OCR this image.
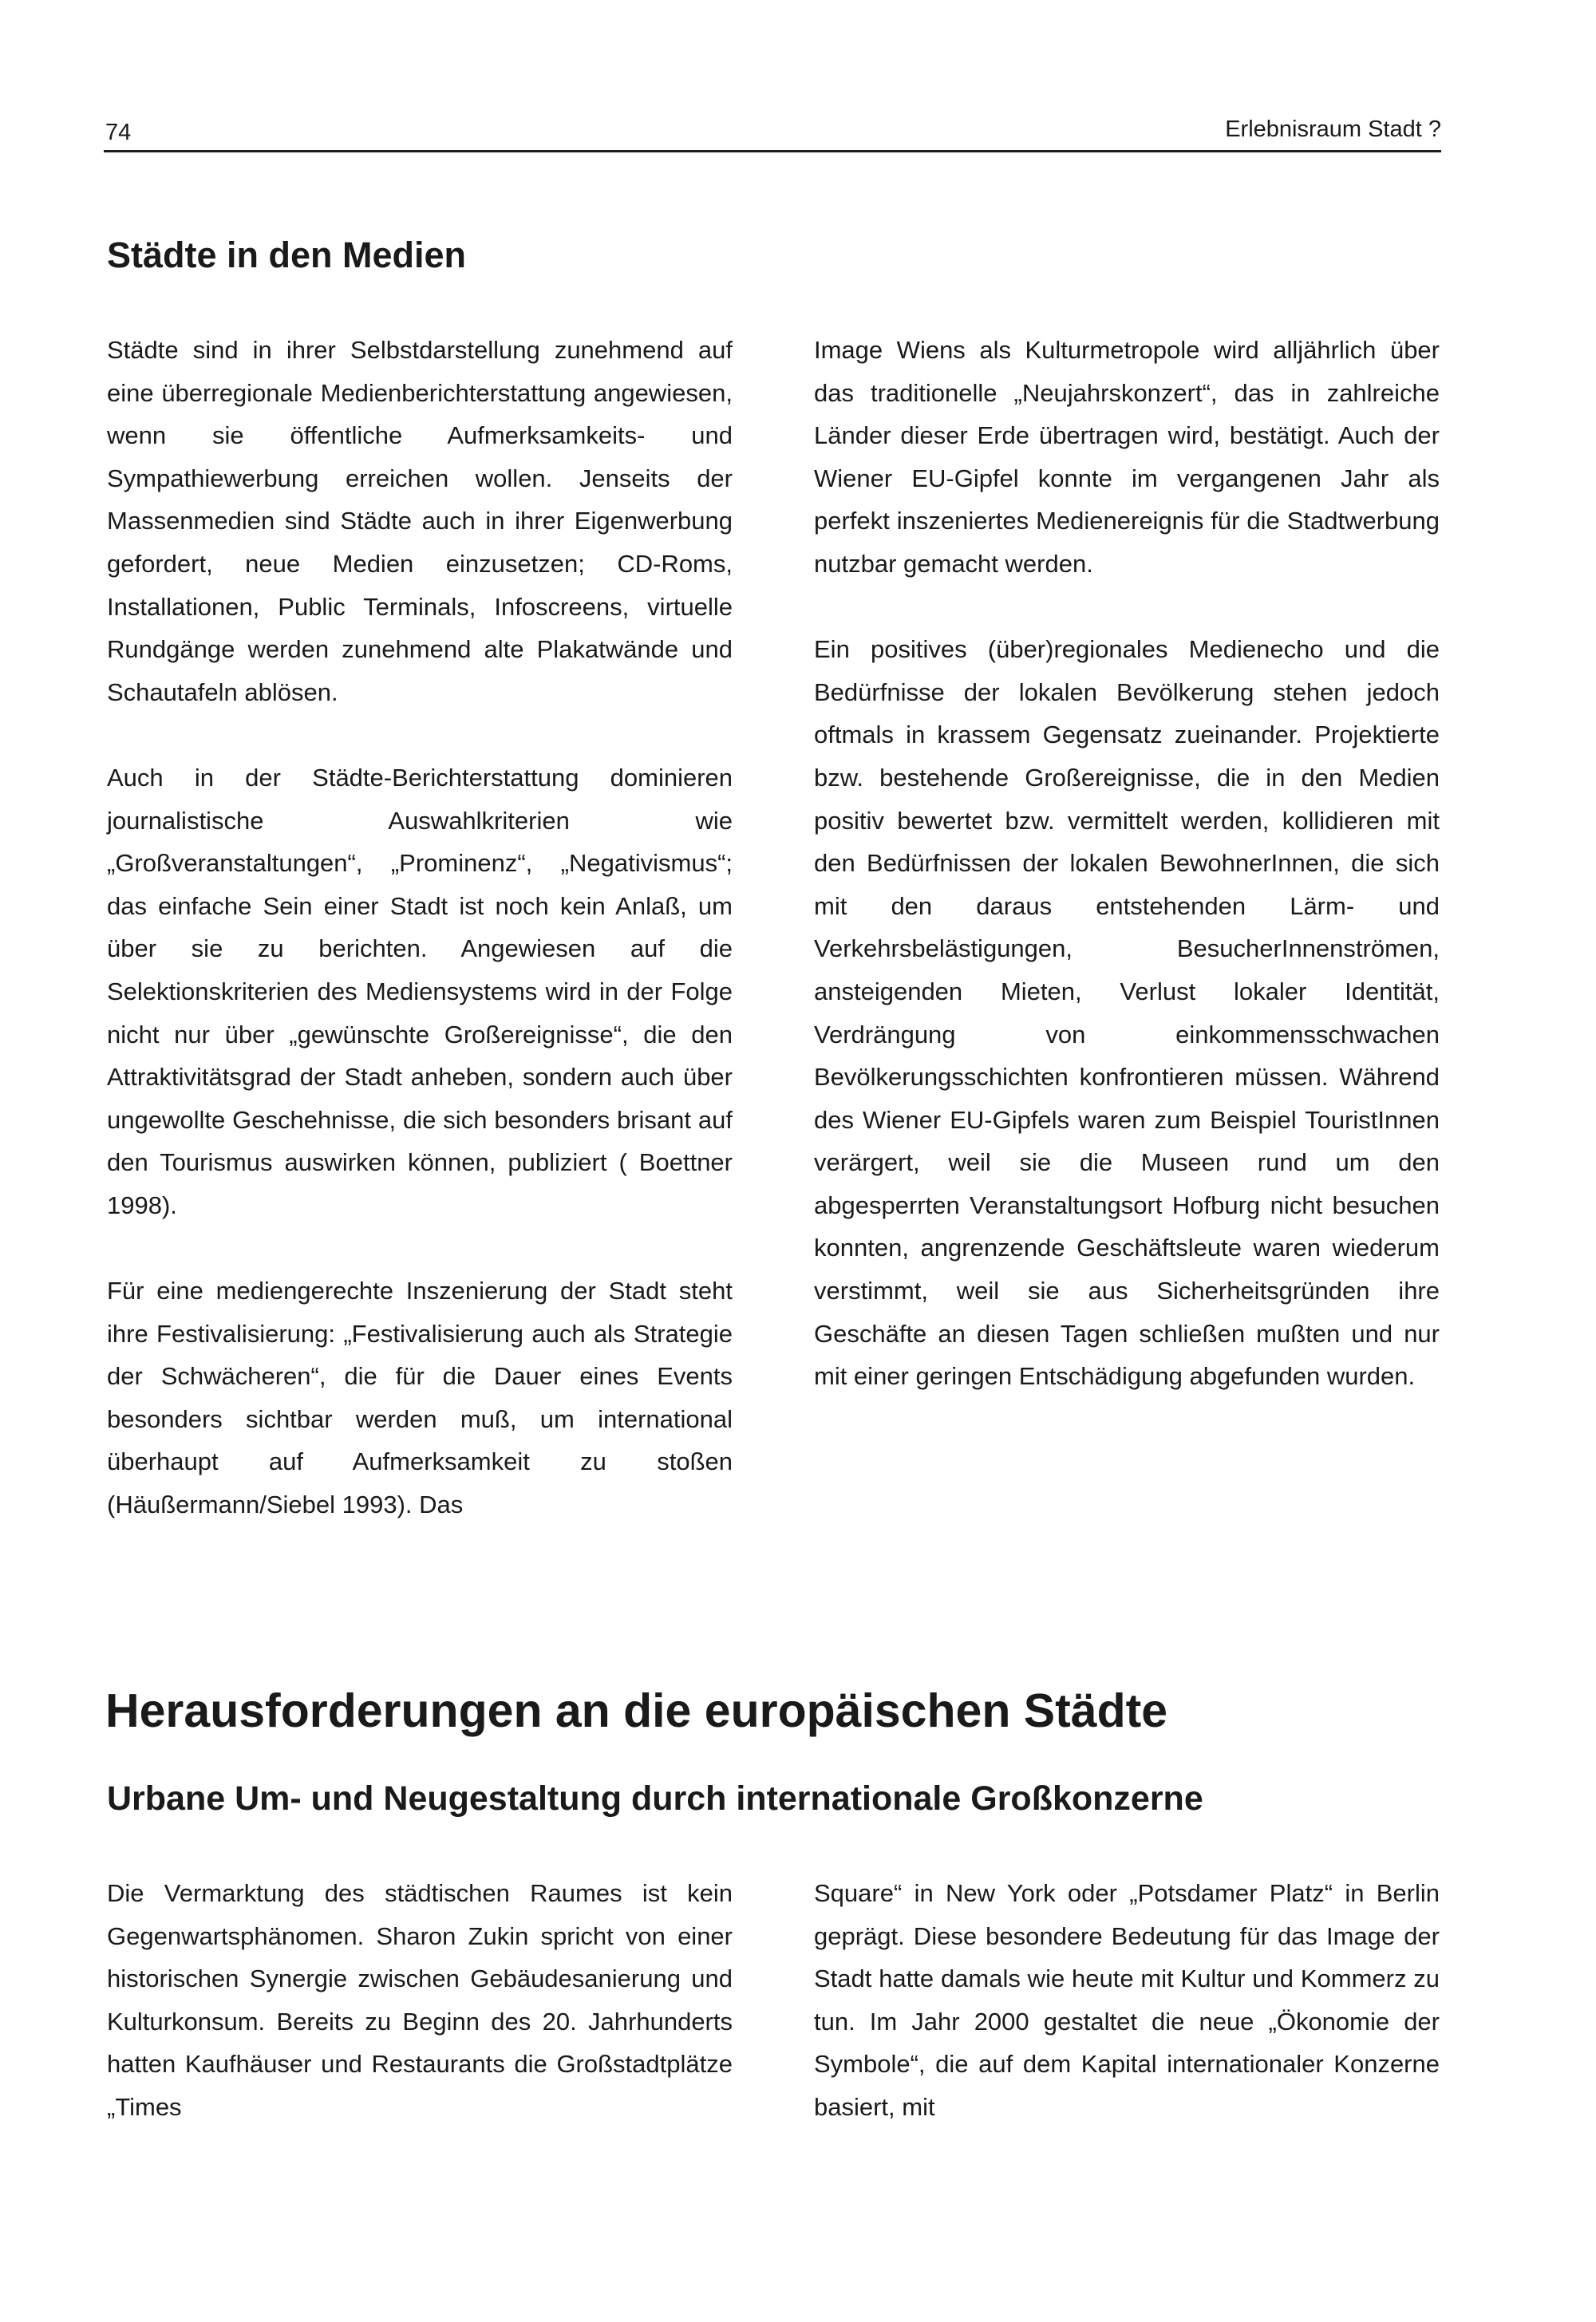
74	Erlebnisraum Stadt ?
Städte in den Medien

Städte sind in ihrer Selbstdarstellung zunehmend auf eine überregionale Medienberichterstattung angewiesen, wenn sie öffentliche Aufmerksamkeits- und Sympathiewerbung erreichen wollen. Jenseits der Massenmedien sind Städte auch in ihrer Eigenwerbung gefordert, neue Medien einzusetzen; CD-Roms, Installationen, Public Terminals, Infoscreens, virtuelle Rundgänge werden zunehmend alte Plakatwände und Schautafeln ablösen.

Auch in der Städte-Berichterstattung dominieren journalistische Auswahlkriterien wie „Großveranstaltungen“, „Prominenz“, „Negativismus“; das einfache Sein einer Stadt ist noch kein Anlaß, um über sie zu berichten. Angewiesen auf die Selektionskriterien des Mediensystems wird in der Folge nicht nur über „gewünschte Großereignisse“, die den Attraktivitätsgrad der Stadt anheben, sondern auch über ungewollte Geschehnisse, die sich besonders brisant auf den Tourismus auswirken können, publiziert ( Boettner 1998).

Für eine mediengerechte Inszenierung der Stadt steht ihre Festivalisierung: „Festivalisierung auch als Strategie der Schwächeren“, die für die Dauer eines Events besonders sichtbar werden muß, um international überhaupt auf Aufmerksamkeit zu stoßen (Häußermann/Siebel 1993). Das

Image Wiens als Kulturmetropole wird alljährlich über das traditionelle „Neujahrskonzert“, das in zahlreiche Länder dieser Erde übertragen wird, bestätigt. Auch der Wiener EU-Gipfel konnte im vergangenen Jahr als perfekt inszeniertes Medienereignis für die Stadtwerbung nutzbar gemacht werden.

Ein positives (über)regionales Medienecho und die Bedürfnisse der lokalen Bevölkerung stehen jedoch oftmals in krassem Gegensatz zueinander. Projektierte bzw. bestehende Großereignisse, die in den Medien positiv bewertet bzw. vermittelt werden, kollidieren mit den Bedürfnissen der lokalen BewohnerInnen, die sich mit den daraus entstehenden Lärm- und Verkehrsbelästigungen, BesucherInnenströmen, ansteigenden Mieten, Verlust lokaler Identität, Verdrängung von einkommensschwachen Bevölkerungsschichten konfrontieren müssen. Während des Wiener EU-Gipfels waren zum Beispiel TouristInnen verärgert, weil sie die Museen rund um den abgesperrten Veranstaltungsort Hofburg nicht besuchen konnten, angrenzende Geschäftsleute waren wiederum verstimmt, weil sie aus Sicherheitsgründen ihre Geschäfte an diesen Tagen schließen mußten und nur mit einer geringen Entschädigung abgefunden wurden.

Herausforderungen an die europäischen Städte
Urbane Um- und Neugestaltung durch internationale Großkonzerne

Die Vermarktung des städtischen Raumes ist kein Gegenwartsphänomen. Sharon Zukin spricht von einer historischen Synergie zwischen Gebäudesanierung und Kulturkonsum. Bereits zu Beginn des 20. Jahrhunderts hatten Kaufhäuser und Restaurants die Großstadtplätze „Times

Square“ in New York oder „Potsdamer Platz“ in Berlin geprägt. Diese besondere Bedeutung für das Image der Stadt hatte damals wie heute mit Kultur und Kommerz zu tun. Im Jahr 2000 gestaltet die neue „Ökonomie der Symbole“, die auf dem Kapital internationaler Konzerne basiert, mit
